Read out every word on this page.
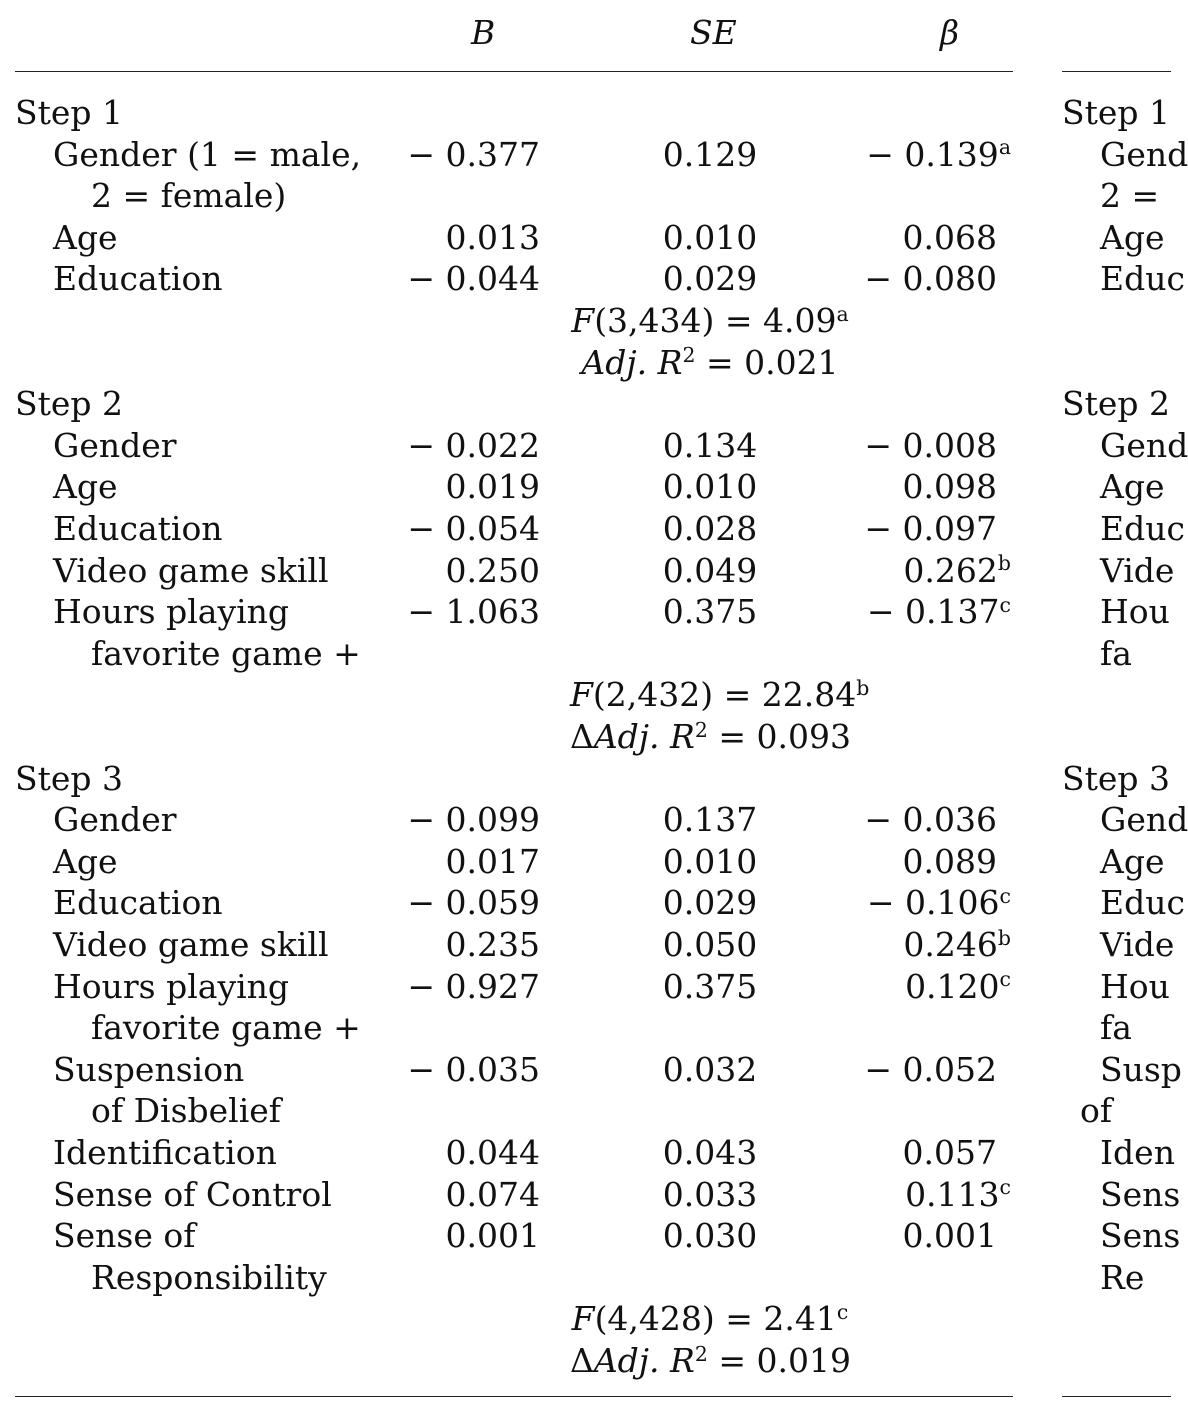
B	SE	β
Step 1
Gender (1 = male,
2 = female)
− 0.377	0.129	− 0.139$^a$
Age	0.013	0.010	0.068
Education	− 0.044	0.029	− 0.080
F(3,434) = 4.09$^a$
Adj. $R^2 = 0.021$
Step 2
Gender	− 0.022	0.134	− 0.008
Age	0.019	0.010	0.098
Education	− 0.054	0.028	− 0.097
Video game skill	0.250	0.049	0.262$^b$
Hours playing
favorite game +
− 1.063	0.375	− 0.137$^c$
F(2,432) = 22.84$^b$
ΔAdj. $R^2 = 0.093$
Step 3
Gender	− 0.099	0.137	− 0.036
Age	0.017	0.010	0.089
Education	− 0.059	0.029	− 0.106$^c$
Video game skill	0.235	0.050	0.246$^b$
Hours playing
favorite game +
− 0.927	0.375	0.120$^c$
Suspension
of Disbelief
− 0.035	0.032	− 0.052
Identification	0.044	0.043	0.057
Sense of Control	0.074	0.033	0.113$^c$
Sense of
Responsibility
0.001	0.030	0.001
F(4,428) = 2.41$^c$
ΔAdj. $R^2 = 0.019$
Step 1
Gend
2 =
Age
Educ
Step 2
Gend
Age
Educ
Vide
Hou
fa
Step 3
Gend
Age
Educ
Vide
Hou
fa
Susp
of
Iden
Sens
Sens
Re
